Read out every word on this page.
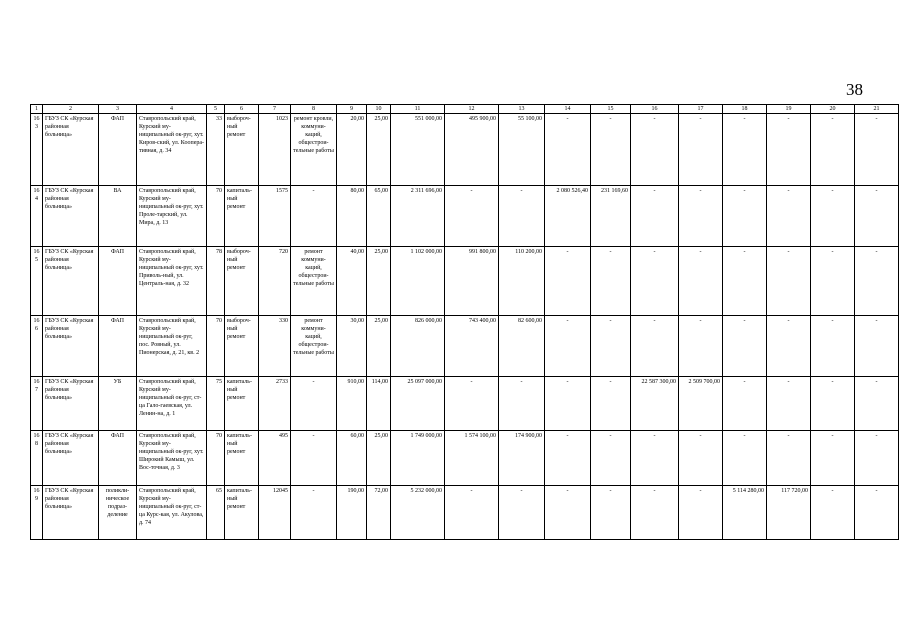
38
1	2	3	4	5	6	7	8	9	10	11	12	13	14	15	16	17	18	19	20	21
163	ГБУЗ СК «Курская районная больница»	ФАП	Ставропольский край, Курский му-ниципальный ок-руг, хут. Киров-ский, ул. Коопера-тивная, д. 34	33	выбороч-ный ремонт	1023	ремонт кровли, коммуни-каций, общестрои-тельные работы	20,00	25,00	551 000,00	495 900,00	55 100,00	-	-	-	-	-	-	-	-
164	ГБУЗ СК «Курская районная больница»	ВА	Ставропольский край, Курский му-ниципальный ок-руг, хут. Проле-тарский, ул. Мира, д. 13	70	капиталь-ный ремонт	1575	-	80,00	65,00	2 311 696,00	-	-	2 080 526,40	231 169,60	-	-	-	-	-	-
165	ГБУЗ СК «Курская районная больница»	ФАП	Ставропольский край, Курский му-ниципальный ок-руг, хут. Приволь-ный, ул. Централь-ная, д. 32	78	выбороч-ный ремонт	720	ремонт коммуни-каций, общестрои-тельные работы	40,00	25,00	1 102 000,00	991 800,00	110 200,00	-	-	-	-	-	-	-	-
166	ГБУЗ СК «Курская районная больница»	ФАП	Ставропольский край, Курский му-ниципальный ок-руг, пос. Ровный, ул. Пионерская, д. 21, кв. 2	70	выбороч-ный ремонт	330	ремонт коммуни-каций, общестрои-тельные работы	30,00	25,00	826 000,00	743 400,00	82 600,00	-	-	-	-	-	-	-	-
167	ГБУЗ СК «Курская районная больница»	УБ	Ставропольский край, Курский му-ниципальный ок-руг, ст-ца Гало-гаевская, ул. Ленин-на, д. 1	75	капиталь-ный ремонт	2733	-	910,00	114,00	25 097 000,00	-	-	-	-	22 587 300,00	2 509 700,00	-	-	-	-
168	ГБУЗ СК «Курская районная больница»	ФАП	Ставропольский край, Курский му-ниципальный ок-руг, хут. Широкий Камыш, ул. Вос-точная, д. 3	70	капиталь-ный ремонт	495	-	60,00	25,00	1 749 000,00	1 574 100,00	174 900,00	-	-	-	-	-	-	-	-
169	ГБУЗ СК «Курская районная больница»	поликли-ническое подраз-деление	Ставропольский край, Курский му-ниципальный ок-руг, ст-ца Курс-кая, ул. Акулова, д. 74	65	капиталь-ный ремонт	12045	-	190,00	72,00	5 232 000,00	-	-	-	-	-	-	5 114 280,00	117 720,00	-	-
